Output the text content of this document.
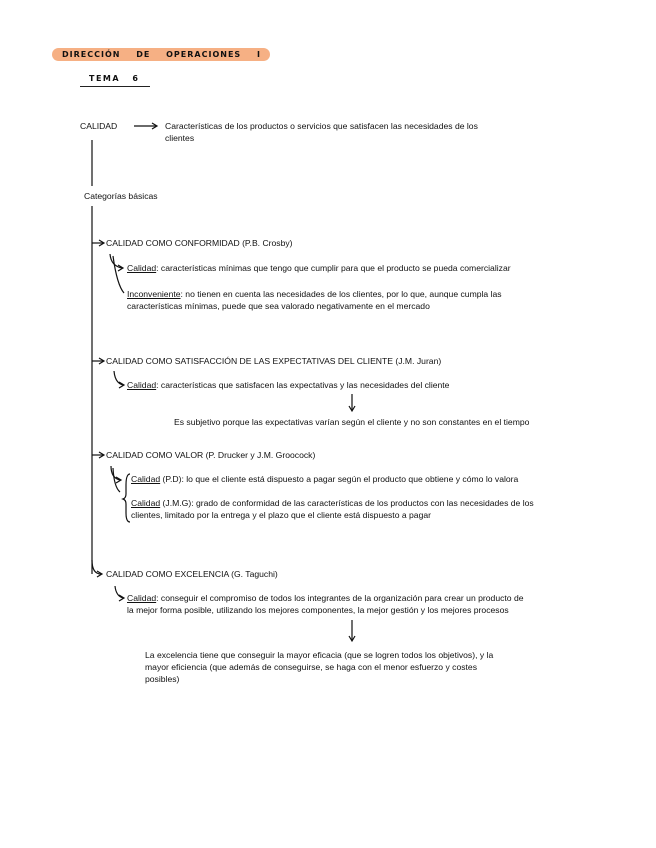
DIRECCIÓN DE OPERACIONES I
TEMA 6
CALIDAD	Características de los productos o servicios que satisfacen las necesidades de los
clientes
Categorías básicas
CALIDAD COMO CONFORMIDAD (P.B. Crosby)
Calidad: características mínimas que tengo que cumplir para que el producto se pueda comercializar
Inconveniente: no tienen en cuenta las necesidades de los clientes, por lo que, aunque cumpla las
características mínimas, puede que sea valorado negativamente en el mercado
CALIDAD COMO SATISFACCIÓN DE LAS EXPECTATIVAS DEL CLIENTE (J.M. Juran)
Calidad: características que satisfacen las expectativas y las necesidades del cliente
Es subjetivo porque las expectativas varían según el cliente y no son constantes en el tiempo
CALIDAD COMO VALOR (P. Drucker y J.M. Groocock)
Calidad (P.D): lo que el cliente está dispuesto a pagar según el producto que obtiene y cómo lo valora
Calidad (J.M.G): grado de conformidad de las características de los productos con las necesidades de los
clientes, limitado por la entrega y el plazo que el cliente está dispuesto a pagar
CALIDAD COMO EXCELENCIA (G. Taguchi)
Calidad: conseguir el compromiso de todos los integrantes de la organización para crear un producto de
la mejor forma posible, utilizando los mejores componentes, la mejor gestión y los mejores procesos
La excelencia tiene que conseguir la mayor eficacia (que se logren todos los objetivos), y la
mayor eficiencia (que además de conseguirse, se haga con el menor esfuerzo y costes
posibles)
